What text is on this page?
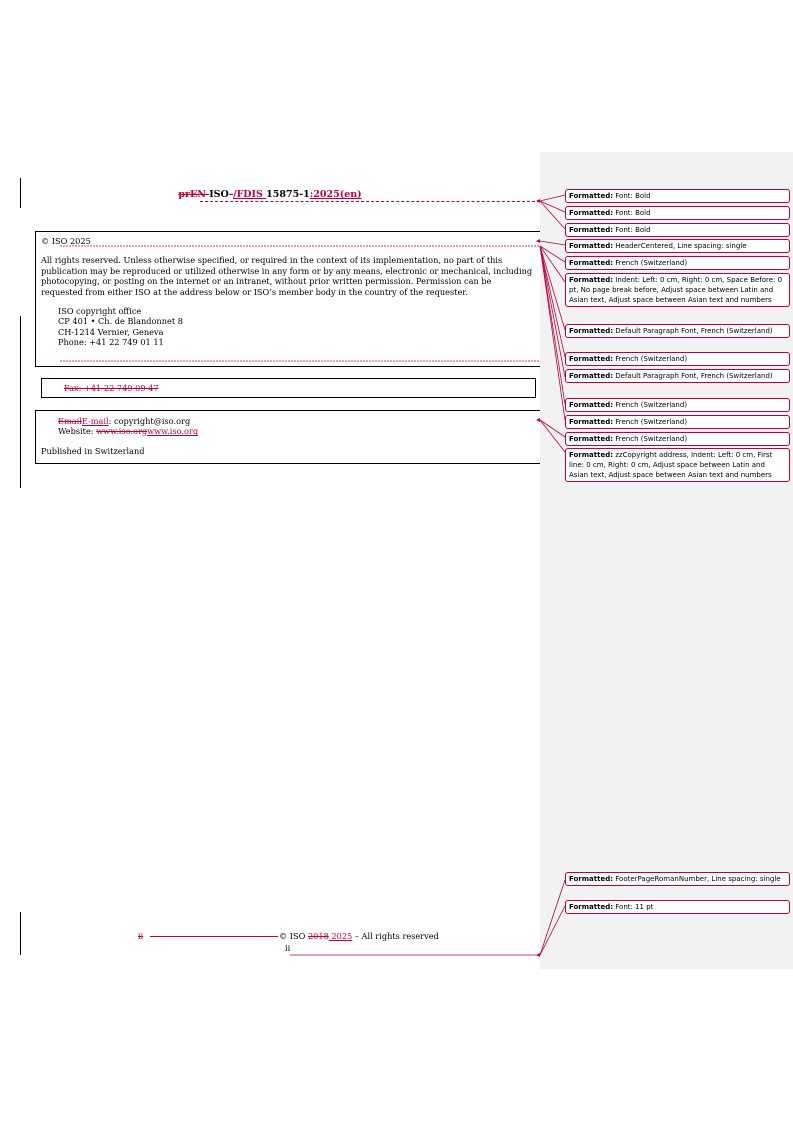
prEN ISO-/FDIS 15875-1:2025(en)
© ISO 2025
All rights reserved. Unless otherwise specified, or required in the context of its implementation, no part of this publication may be reproduced or utilized otherwise in any form or by any means, electronic or mechanical, including photocopying, or posting on the internet or an intranet, without prior written permission. Permission can be requested from either ISO at the address below or ISO’s member body in the country of the requester.
ISO copyright office
CP 401 • Ch. de Blandonnet 8
CH-1214 Vernier, Geneva
Phone: +41 22 749 01 11
Fax: +41 22 749 09 47
EmailE-mail: copyright@iso.org
Website: www.iso.orgwww.iso.org
Published in Switzerland
ii	© ISO 2018 2025 – All rights reserved
ii
Formatted: Font: Bold
Formatted: Font: Bold
Formatted: Font: Bold
Formatted: HeaderCentered, Line spacing: single
Formatted: French (Switzerland)
Formatted: Indent: Left: 0 cm, Right: 0 cm, Space Before: 0 pt, No page break before, Adjust space between Latin and Asian text, Adjust space between Asian text and numbers
Formatted: Default Paragraph Font, French (Switzerland)
Formatted: French (Switzerland)
Formatted: Default Paragraph Font, French (Switzerland)
Formatted: French (Switzerland)
Formatted: French (Switzerland)
Formatted: French (Switzerland)
Formatted: zzCopyright address, Indent: Left: 0 cm, First line: 0 cm, Right: 0 cm, Adjust space between Latin and Asian text, Adjust space between Asian text and numbers
Formatted: FooterPageRomanNumber, Line spacing: single
Formatted: Font: 11 pt
